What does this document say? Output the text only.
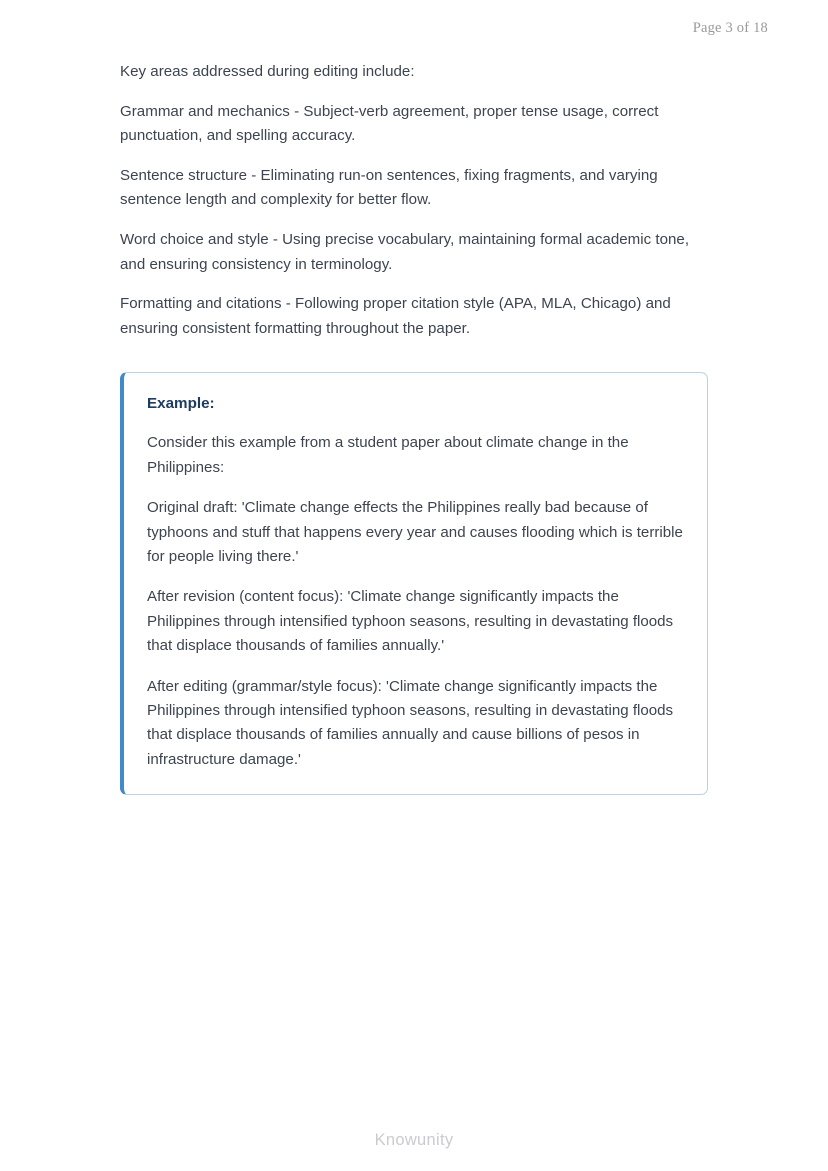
Page 3 of 18

Key areas addressed during editing include:

Grammar and mechanics - Subject-verb agreement, proper tense usage, correct punctuation, and spelling accuracy.

Sentence structure - Eliminating run-on sentences, fixing fragments, and varying sentence length and complexity for better flow.

Word choice and style - Using precise vocabulary, maintaining formal academic tone, and ensuring consistency in terminology.

Formatting and citations - Following proper citation style (APA, MLA, Chicago) and ensuring consistent formatting throughout the paper.

Example:

Consider this example from a student paper about climate change in the Philippines:

Original draft: 'Climate change effects the Philippines really bad because of typhoons and stuff that happens every year and causes flooding which is terrible for people living there.'

After revision (content focus): 'Climate change significantly impacts the Philippines through intensified typhoon seasons, resulting in devastating floods that displace thousands of families annually.'

After editing (grammar/style focus): 'Climate change significantly impacts the Philippines through intensified typhoon seasons, resulting in devastating floods that displace thousands of families annually and cause billions of pesos in infrastructure damage.'

Knowunity
